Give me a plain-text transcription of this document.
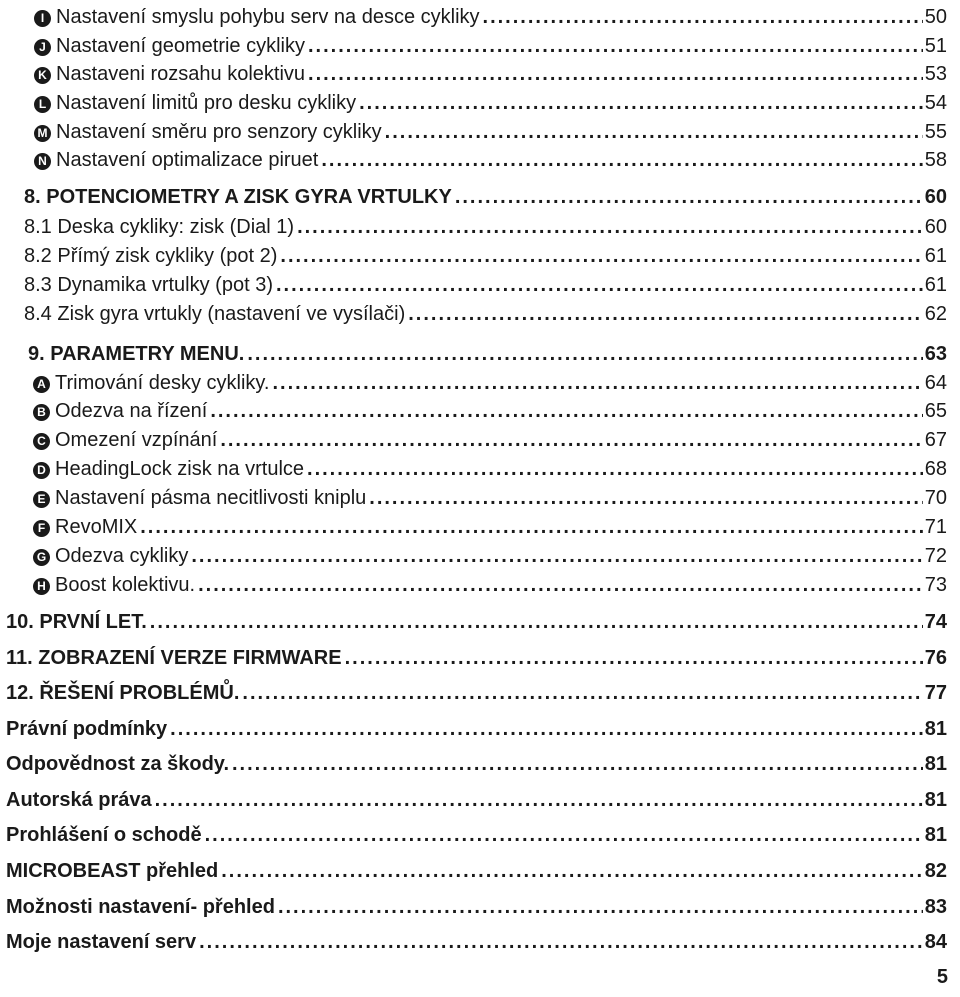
I Nastavení smyslu pohybu serv na desce cykliky .....	50
J Nastavení geometrie cykliky .....	51
K Nastaveni rozsahu kolektivu .....	53
L Nastavení limitů pro desku cykliky .....	54
M Nastavení směru pro senzory cykliky .....	55
N Nastavení optimalizace piruet .....	58
8. POTENCIOMETRY A ZISK GYRA VRTULKY .....	60
8.1 Deska cykliky: zisk (Dial 1) .....	60
8.2 Přímý zisk cykliky (pot 2) .....	61
8.3 Dynamika vrtulky (pot 3) .....	61
8.4 Zisk gyra vrtukly (nastavení ve vysílači) .....	62
9. PARAMETRY MENU. .....	63
A Trimování desky cykliky. .....	64
B Odezva na řízení .....	65
C Omezení vzpínání .....	67
D HeadingLock zisk na vrtulce .....	68
E Nastavení pásma necitlivosti kniplu .....	70
F RevoMIX .....	71
G Odezva cykliky .....	72
H Boost kolektivu. .....	73
10. PRVNÍ LET. .....	74
11. ZOBRAZENÍ VERZE FIRMWARE .....	76
12. ŘEŠENÍ PROBLÉMŮ. .....	77
Právní podmínky .....	81
Odpovědnost za škody. .....	81
Autorská práva .....	81
Prohlášení o schodě .....	81
MICROBEAST přehled .....	82
Možnosti nastavení- přehled .....	83
Moje nastavení serv .....	84
5
